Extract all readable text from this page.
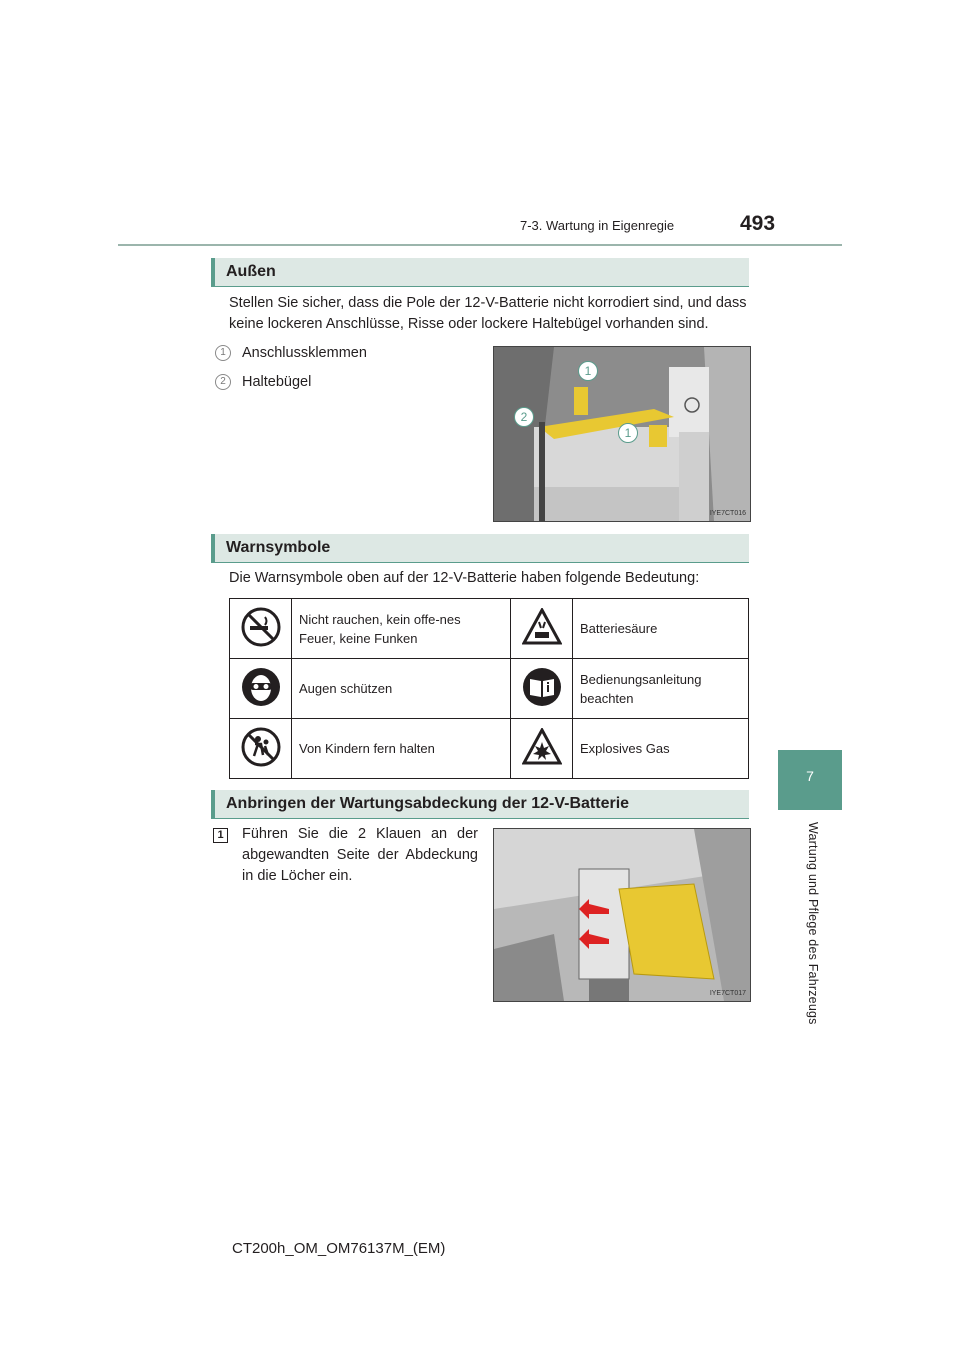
7-3. Wartung in Eigenregie	493
7
Wartung und Pflege des Fahrzeugs
Außen
Stellen Sie sicher, dass die Pole der 12-V-Batterie nicht korrodiert sind, und dass keine lockeren Anschlüsse, Risse oder lockere Haltebügel vorhanden sind.
1	Anschlussklemmen
2	Haltebügel
1
2
1
IYE7CT016
Warnsymbole
Die Warnsymbole oben auf der 12-V-Batterie haben folgende Bedeutung:
	Nicht rauchen, kein offe-nes Feuer, keine Funken		Batteriesäure
	Augen schützen		Bedienungsanleitung beachten
	Von Kindern fern halten		Explosives Gas
Anbringen der Wartungsabdeckung der 12-V-Batterie
1	Führen Sie die 2 Klauen an der abgewandten Seite der Abdeckung in die Löcher ein.
IYE7CT017
CT200h_OM_OM76137M_(EM)
